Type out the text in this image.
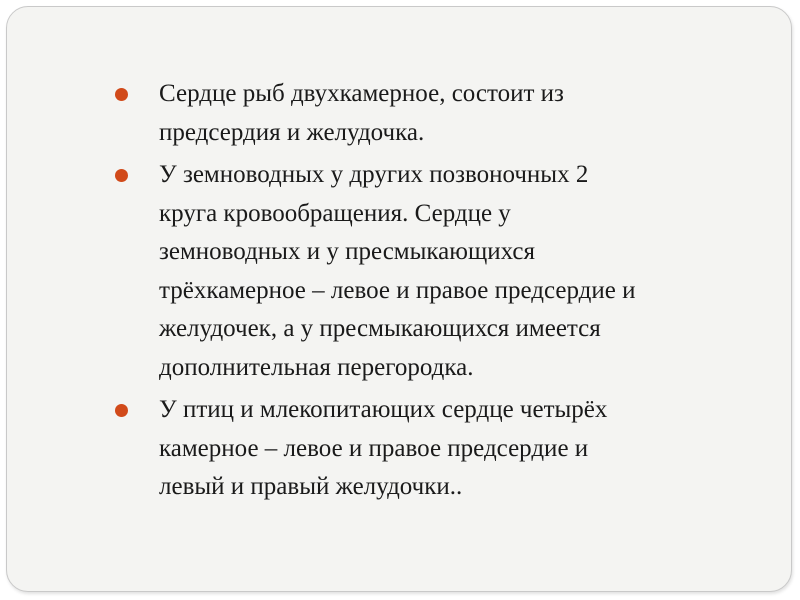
Сердце рыб двухкамерное, состоит из
предсердия и желудочка.
У земноводных у других позвоночных 2
круга кровообращения. Сердце у
земноводных и у пресмыкающихся
трёхкамерное – левое и правое предсердие и
желудочек, а у пресмыкающихся имеется
дополнительная перегородка.
У птиц и млекопитающих сердце четырёх
камерное – левое и правое предсердие и
левый и правый желудочки..
